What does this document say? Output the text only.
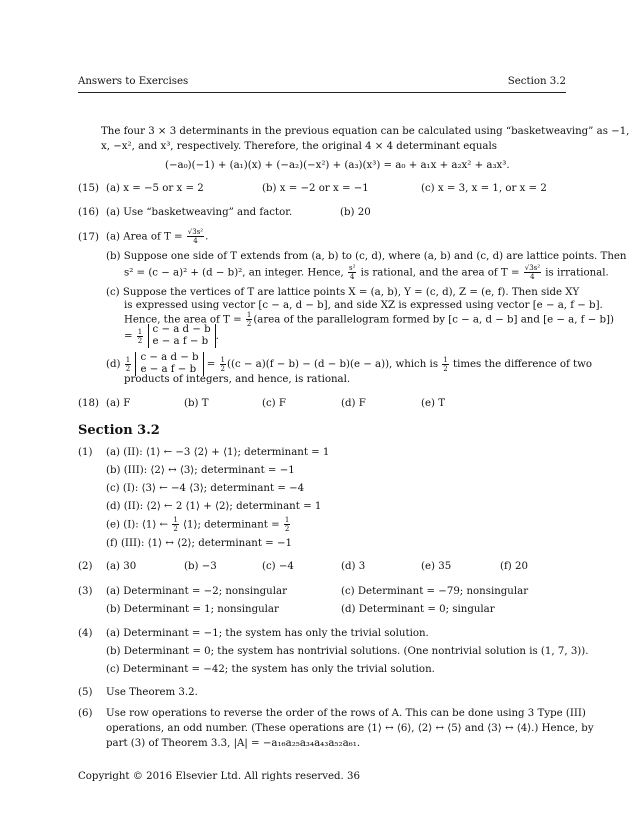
Answers to Exercises	Section 3.2
The four 3 × 3 determinants in the previous equation can be calculated using “basketweaving” as −1,
x, −x², and x³, respectively. Therefore, the original 4 × 4 determinant equals
(−a₀)(−1) + (a₁)(x) + (−a₂)(−x²) + (a₃)(x³) = a₀ + a₁x + a₂x² + a₃x³.
(15) (a) x = −5 or x = 2	(b) x = −2 or x = −1	(c) x = 3, x = 1, or x = 2
(16) (a) Use “basketweaving” and factor.	(b) 20
(17) (a) Area of $T = \frac{\text{√3s²}}{4}$ .
(b) Suppose one side of T extends from (a, b) to (c, d), where (a, b) and (c, d) are lattice points. Then
s² = (c − a)² + (d − b)², an integer. Hence, $\frac{\text{s²}}{4}$ is rational, and the area of $T = \frac{\text{√3s²}}{4}$ is irrational.
(c) Suppose the vertices of T are lattice points X = (a, b), Y = (c, d), Z = (e, f). Then side XY
is expressed using vector [c − a, d − b], and side XZ is expressed using vector [e − a, f − b].
Hence, the area of $T = \frac{1}{2}$ (area of the parallelogram formed by [c − a, d − b] and [e − a, f − b])
= $\frac{1}{2}$
c − a d − b
e − a f − b .
$(d) \frac{1}{2}$
c − a d − b
e − a $f - b = \frac{1}{2} ((c - a)(f - b) - (d - b)(e - a))$, which is $\frac{1}{2}$ times the difference of two
products of integers, and hence, is rational.
(18) (a) F	(b) T	(c) F	(d) F	(e) T
Section 3.2
(1) (a) (II): ⟨1⟩ ← −3 ⟨2⟩ + ⟨1⟩; determinant = 1
(b) (III): ⟨2⟩ ↔ ⟨3⟩; determinant = −1
(c) (I): ⟨3⟩ ← −4 ⟨3⟩; determinant = −4
(d) (II): ⟨2⟩ ← 2 ⟨1⟩ + ⟨2⟩; determinant = 1
(e) (I): ⟨1⟩ ← $\frac{1}{2}$ ⟨1⟩; determinant = $\frac{1}{2}$
(f) (III): ⟨1⟩ ↔ ⟨2⟩; determinant = −1
(2) (a) 30	(b) −3	(c) −4	(d) 3	(e) 35	(f) 20
(3) (a) Determinant = −2; nonsingular
(b) Determinant = 1; nonsingular
(c) Determinant = −79; nonsingular
(d) Determinant = 0; singular
(4) (a) Determinant = −1; the system has only the trivial solution.
(b) Determinant = 0; the system has nontrivial solutions. (One nontrivial solution is (1, 7, 3)).
(c) Determinant = −42; the system has only the trivial solution.
(5) Use Theorem 3.2.
(6) Use row operations to reverse the order of the rows of A. This can be done using 3 Type (III)
operations, an odd number. (These operations are ⟨1⟩ ↔ ⟨6⟩, ⟨2⟩ ↔ ⟨5⟩ and ⟨3⟩ ↔ ⟨4⟩.) Hence, by
part (3) of Theorem 3.3, |A| = −a₁₆a₂₅a₃₄a₄₃a₅₂a₆₁.
Copyright © 2016 Elsevier Ltd. All rights reserved. 36
